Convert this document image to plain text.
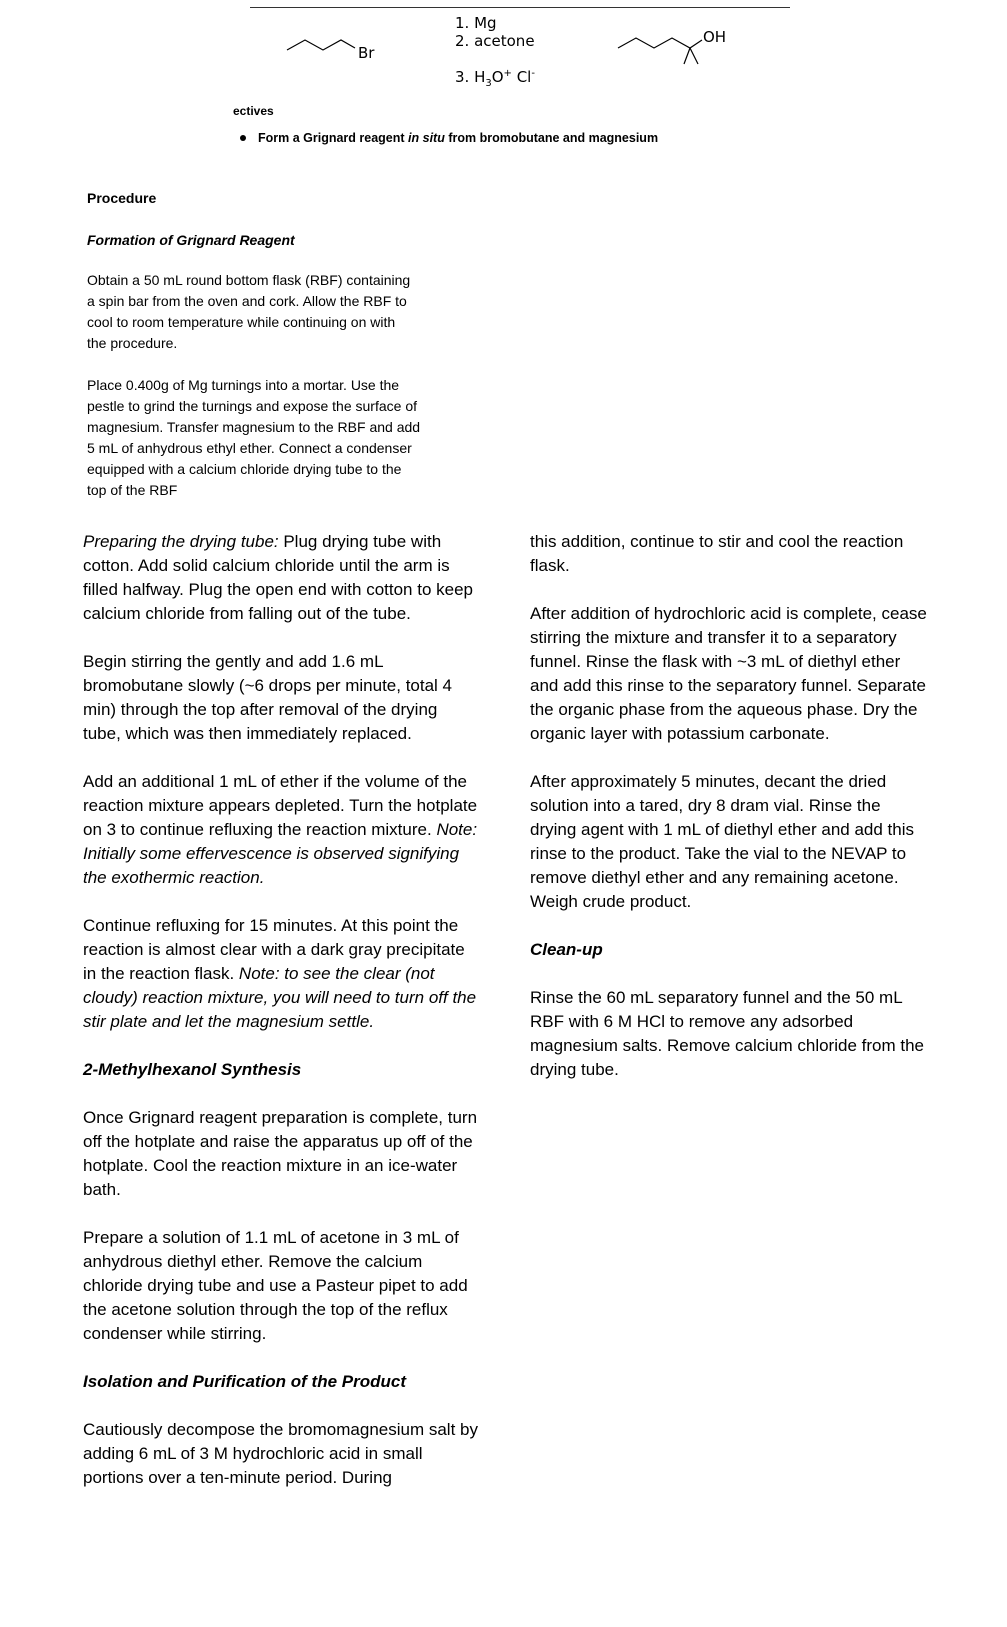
Br
1. Mg
2. acetone
3. $H_3O^+$ Cl-
OH
ectives
Form a Grignard reagent in situ from bromobutane and magnesium
Procedure
Formation of Grignard Reagent
Obtain a 50 mL round bottom flask (RBF) containing a spin bar from the oven and cork. Allow the RBF to cool to room temperature while continuing on with the procedure.
Place 0.400g of Mg turnings into a mortar. Use the pestle to grind the turnings and expose the surface of magnesium. Transfer magnesium to the RBF and add 5 mL of anhydrous ethyl ether. Connect a condenser equipped with a calcium chloride drying tube to the top of the RBF

Preparing the drying tube: Plug drying tube with cotton. Add solid calcium chloride until the arm is filled halfway. Plug the open end with cotton to keep calcium chloride from falling out of the tube.

Begin stirring the gently and add 1.6 mL bromobutane slowly (~6 drops per minute, total 4 min) through the top after removal of the drying tube, which was then immediately replaced.

Add an additional 1 mL of ether if the volume of the reaction mixture appears depleted. Turn the hotplate on 3 to continue refluxing the reaction mixture. Note: Initially some effervescence is observed signifying the exothermic reaction.

Continue refluxing for 15 minutes. At this point the reaction is almost clear with a dark gray precipitate in the reaction flask. Note: to see the clear (not cloudy) reaction mixture, you will need to turn off the stir plate and let the magnesium settle.

2-Methylhexanol Synthesis

Once Grignard reagent preparation is complete, turn off the hotplate and raise the apparatus up off of the hotplate. Cool the reaction mixture in an ice-water bath.

Prepare a solution of 1.1 mL of acetone in 3 mL of anhydrous diethyl ether. Remove the calcium chloride drying tube and use a Pasteur pipet to add the acetone solution through the top of the reflux condenser while stirring.

Isolation and Purification of the Product

Cautiously decompose the bromomagnesium salt by adding 6 mL of 3 M hydrochloric acid in small portions over a ten-minute period. During

this addition, continue to stir and cool the reaction flask.

After addition of hydrochloric acid is complete, cease stirring the mixture and transfer it to a separatory funnel. Rinse the flask with ~3 mL of diethyl ether and add this rinse to the separatory funnel. Separate the organic phase from the aqueous phase. Dry the organic layer with potassium carbonate.

After approximately 5 minutes, decant the dried solution into a tared, dry 8 dram vial. Rinse the drying agent with 1 mL of diethyl ether and add this rinse to the product. Take the vial to the NEVAP to remove diethyl ether and any remaining acetone. Weigh crude product.

Clean-up

Rinse the 60 mL separatory funnel and the 50 mL RBF with 6 M HCl to remove any adsorbed magnesium salts. Remove calcium chloride from the drying tube.
